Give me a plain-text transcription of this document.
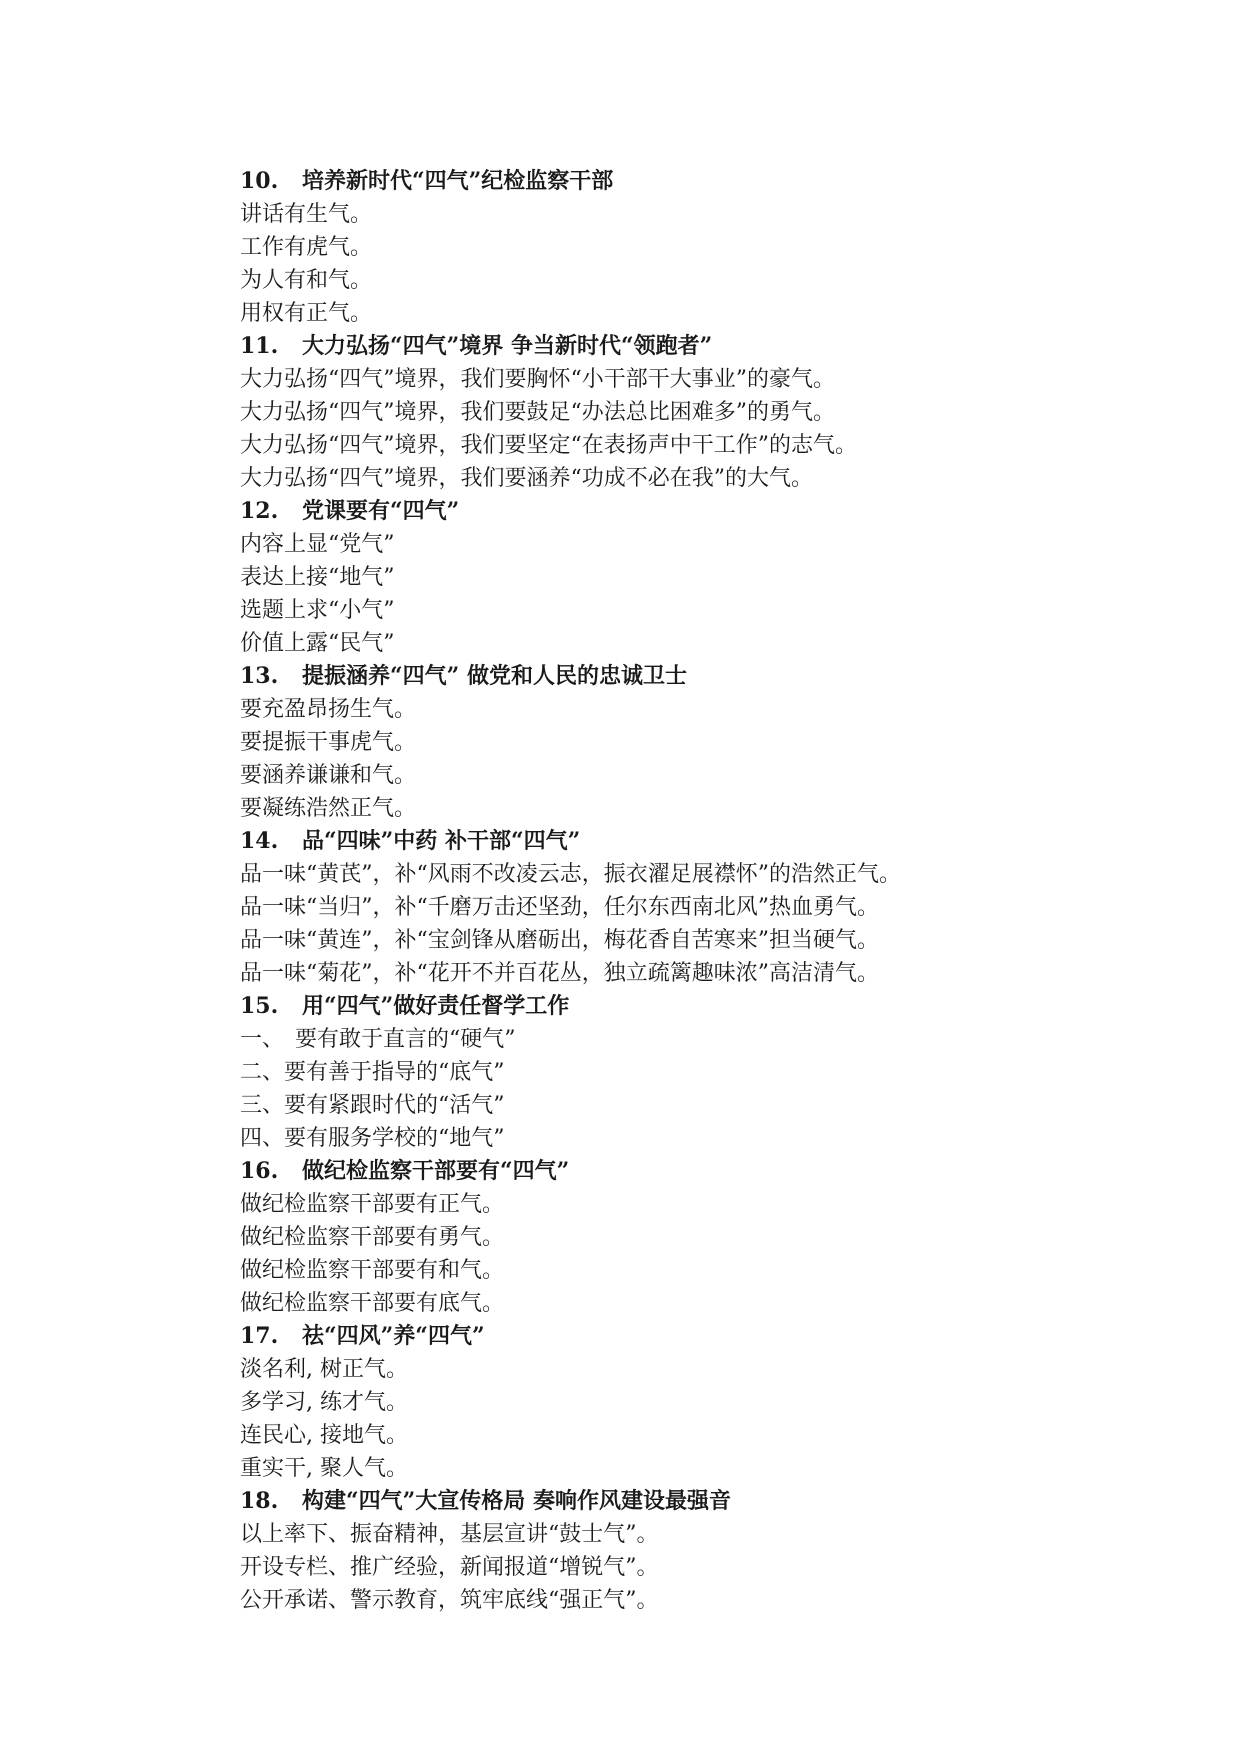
10.	培养新时代“四气”纪检监察干部
讲话有生气。
工作有虎气。
为人有和气。
用权有正气。
11.	大力弘扬“四气”境界 争当新时代“领跑者”
大力弘扬“四气”境界，我们要胸怀“小干部干大事业”的豪气。
大力弘扬“四气”境界，我们要鼓足“办法总比困难多”的勇气。
大力弘扬“四气”境界，我们要坚定“在表扬声中干工作”的志气。
大力弘扬“四气”境界，我们要涵养“功成不必在我”的大气。
12.	党课要有“四气”
内容上显“党气”
表达上接“地气”
选题上求“小气”
价值上露“民气”
13.	提振涵养“四气” 做党和人民的忠诚卫士
要充盈昂扬生气。
要提振干事虎气。
要涵养谦谦和气。
要凝练浩然正气。
14.	品“四味”中药 补干部“四气”
品一味“黄芪”，补“风雨不改凌云志，振衣濯足展襟怀”的浩然正气。
品一味“当归”，补“千磨万击还坚劲，任尔东西南北风”热血勇气。
品一味“黄连”，补“宝剑锋从磨砺出，梅花香自苦寒来”担当硬气。
品一味“菊花”，补“花开不并百花丛，独立疏篱趣味浓”高洁清气。
15.	用“四气”做好责任督学工作
一、　要有敢于直言的“硬气”
二、要有善于指导的“底气”
三、要有紧跟时代的“活气”
四、要有服务学校的“地气”
16.	做纪检监察干部要有“四气”
做纪检监察干部要有正气。
做纪检监察干部要有勇气。
做纪检监察干部要有和气。
做纪检监察干部要有底气。
17.	祛“四风”养“四气”
淡名利, 树正气。
多学习, 练才气。
连民心, 接地气。
重实干, 聚人气。
18.	构建“四气”大宣传格局 奏响作风建设最强音
以上率下、振奋精神，基层宣讲“鼓士气”。
开设专栏、推广经验，新闻报道“增锐气”。
公开承诺、警示教育，筑牢底线“强正气”。
